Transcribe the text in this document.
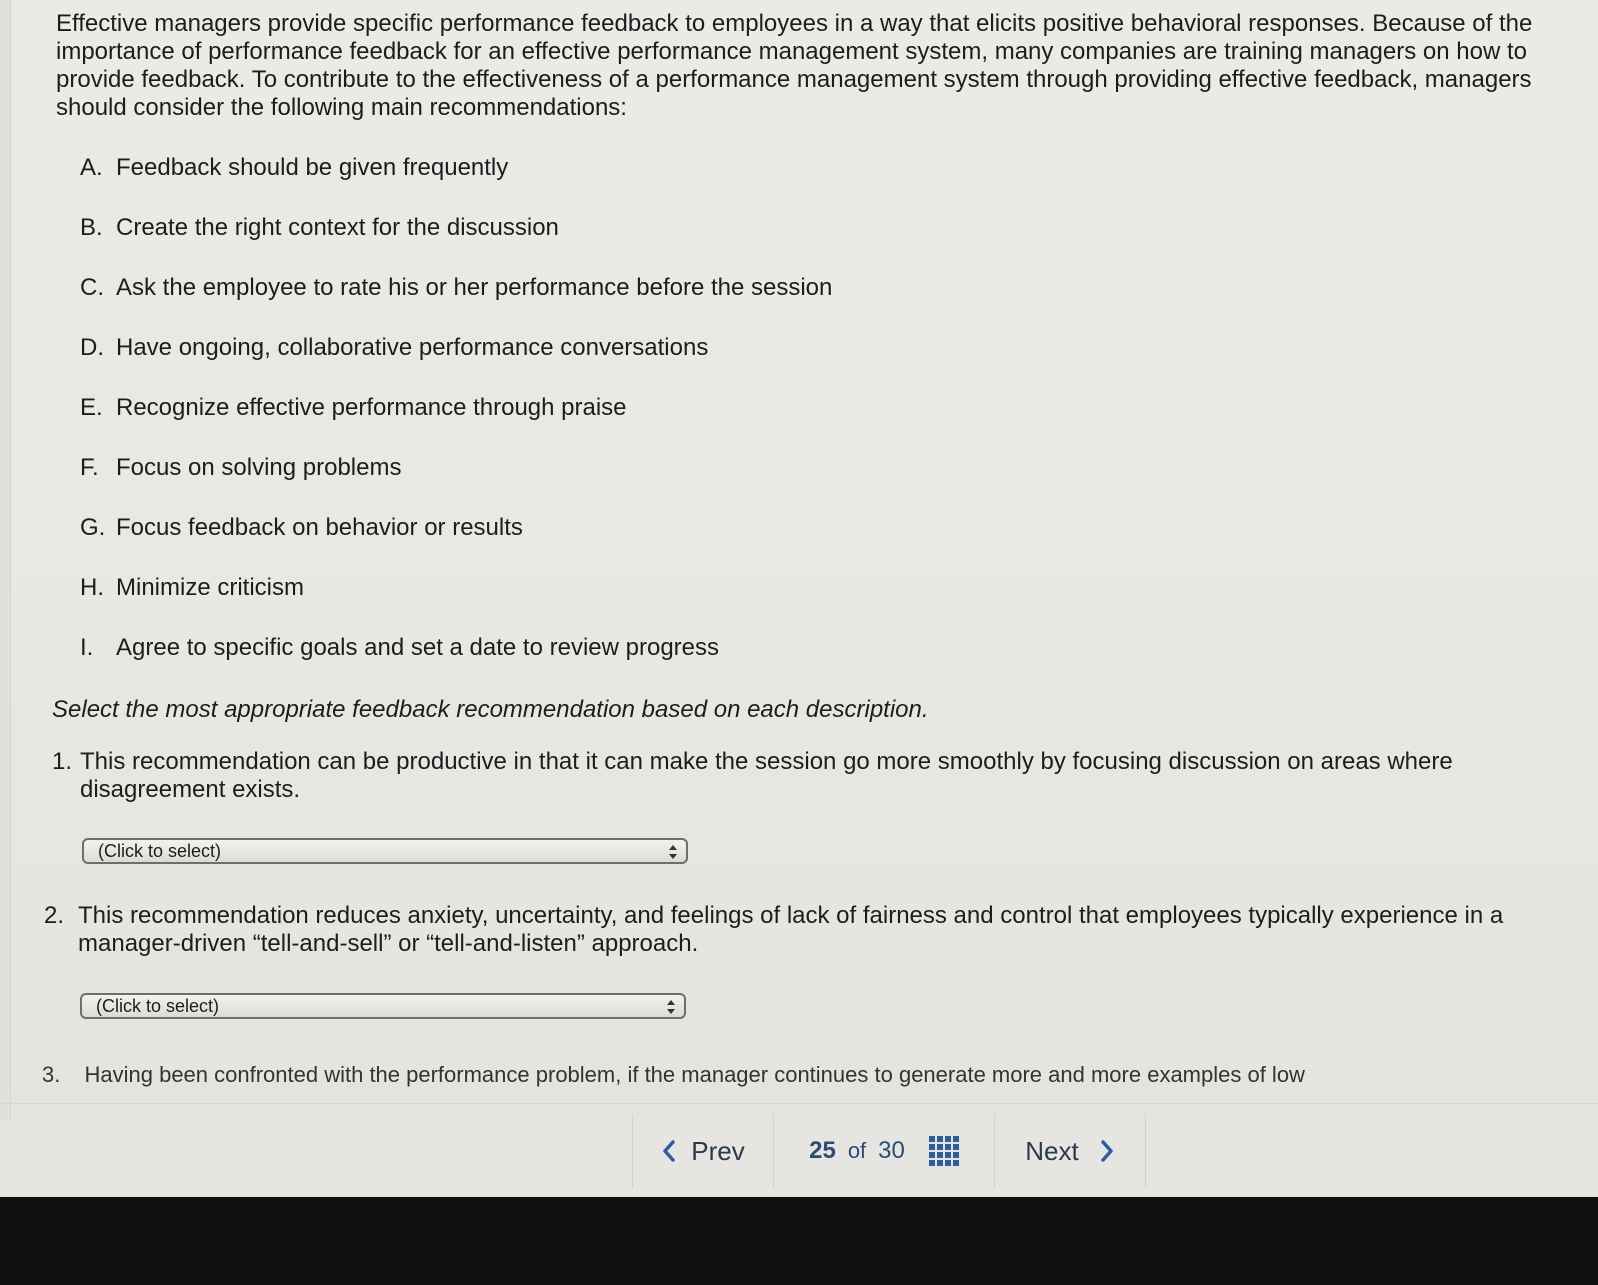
Effective managers provide specific performance feedback to employees in a way that elicits positive behavioral responses. Because of the importance of performance feedback for an effective performance management system, many companies are training managers on how to provide feedback. To contribute to the effectiveness of a performance management system through providing effective feedback, managers should consider the following main recommendations:

A. Feedback should be given frequently
B. Create the right context for the discussion
C. Ask the employee to rate his or her performance before the session
D. Have ongoing, collaborative performance conversations
E. Recognize effective performance through praise
F. Focus on solving problems
G. Focus feedback on behavior or results
H. Minimize criticism
I. Agree to specific goals and set a date to review progress

Select the most appropriate feedback recommendation based on each description.

1. This recommendation can be productive in that it can make the session go more smoothly by focusing discussion on areas where disagreement exists.
(Click to select)
2. This recommendation reduces anxiety, uncertainty, and feelings of lack of fairness and control that employees typically experience in a manager-driven “tell-and-sell” or “tell-and-listen” approach.
(Click to select)
3. Having been confronted with the performance problem, if the manager continues to generate more and more examples of low
Prev	25 of 30	Next
